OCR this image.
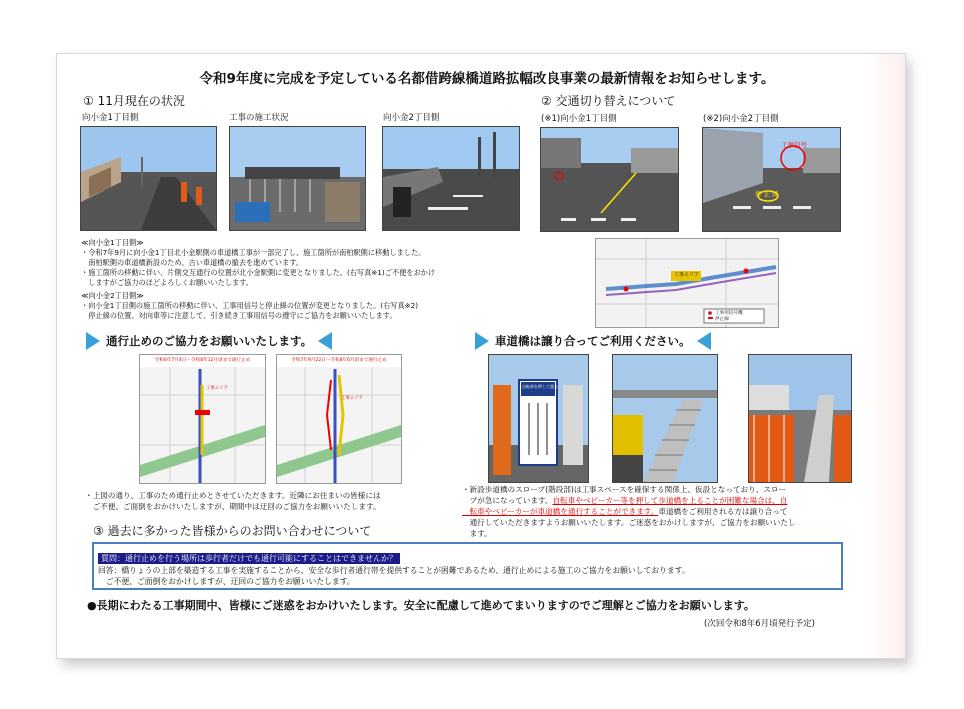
令和9年度に完成を予定している名都借跨線橋道路拡幅改良事業の最新情報をお知らせします。
① 11月現在の状況
向小金1丁目側	工事の施工状況	向小金2丁目側
≪向小金1丁目側≫
・令和7年9月に向小金1丁目北小金駅側の車道橋工事が一部完了し、施工箇所が南柏駅側に移動しました。
　南柏駅側の車道橋新設のため、古い車道橋の撤去を進めています。
・施工箇所の移動に伴い、片側交互通行の位置が北小金駅側に変更となりました。(右写真※1)ご不便をおかけ
　しますがご協力のほどよろしくお願いいたします。
≪向小金2丁目側≫
・向小金1丁目側の施工箇所の移動に伴い、工事用信号と停止線の位置が変更となりました。(右写真※2)
　停止線の位置、対向車等に注意して、引き続き工事用信号の遵守にご協力をお願いいたします。
② 交通切り替えについて
(※1)向小金1丁目側	(※2)向小金2丁目側
工事信号
停 止 線
工事エリア
工事用信号機
停止線
通行止めのご協力をお願いいたします。
令和6年7月4日～令和8年12月頃まで通行止め
工事エリア
令和7年9月22日～令和8年6月頃まで通行止め
工事エリア
・上図の通り、工事のため通行止めとさせていただきます。近隣にお住まいの皆様には
　ご不便、ご面倒をおかけいたしますが、期間中は迂回のご協力をお願いいたします。
車道橋は譲り合ってご利用ください。
自転車を押して渡る
・新設歩道橋のスロープ(階段部)は工事スペースを確保する関係上、仮設となっており、スロー
　プが急になっています。自転車やベビーカー等を押して歩道橋を上ることが困難な場合は、自
　転車やベビーカーが車道橋を通行することができます。車道橋をご利用される方は譲り合って
　通行していただきますようお願いいたします。ご迷惑をおかけしますが、ご協力をお願いいたし
　ます。
③ 過去に多かった皆様からのお問い合わせについて
質問：通行止めを行う場所は歩行者だけでも通行可能にすることはできませんか？
回答：橋りょうの上部を築造する工事を実施することから、安全な歩行者通行帯を提供することが困難であるため、通行止めによる施工のご協力をお願いしております。
　ご不便、ご面倒をおかけしますが、迂回のご協力をお願いいたします。
●長期にわたる工事期間中、皆様にご迷惑をおかけいたします。安全に配慮して進めてまいりますのでご理解とご協力をお願いします。
(次回令和8年6月頃発行予定)
